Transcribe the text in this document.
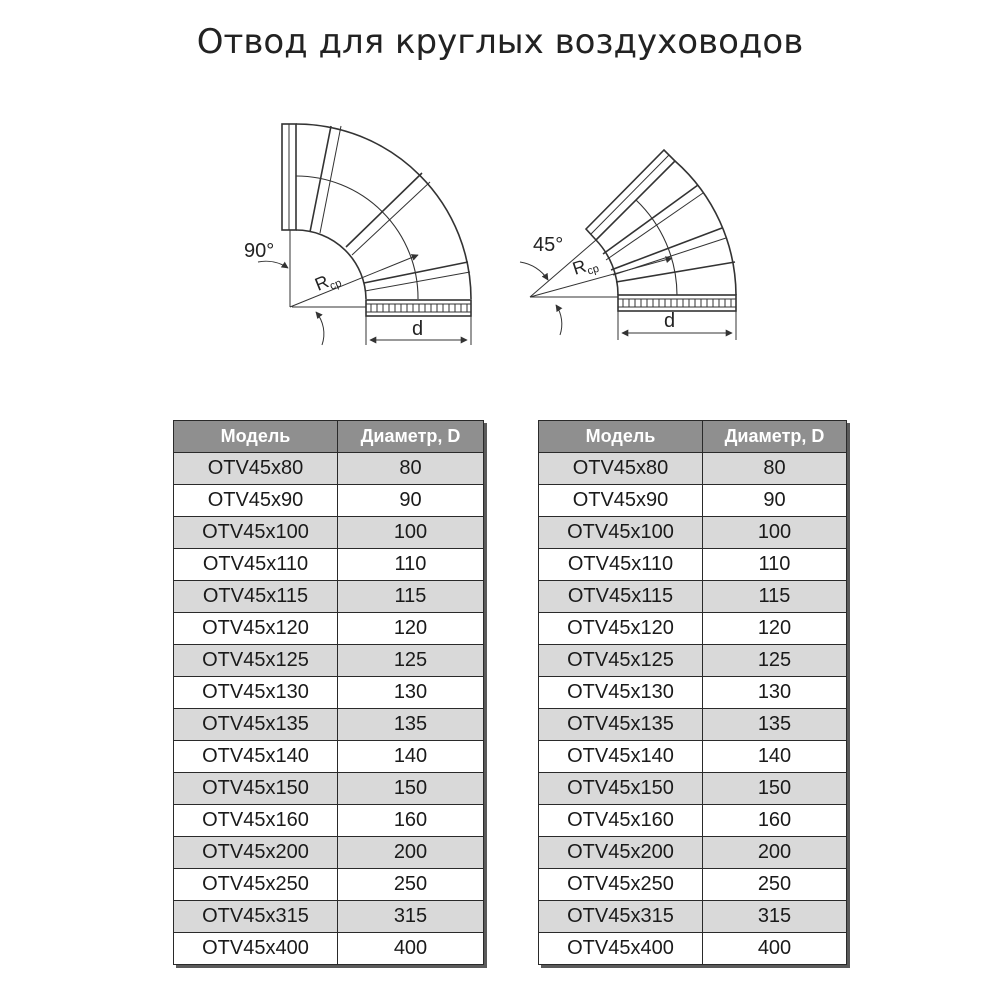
Отвод для круглых воздуховодов
90°
$R_{ср}$
d
45°
$R_{ср}$
d
Модель	Диаметр, D
OTV45x80	80
OTV45x90	90
OTV45x100	100
OTV45x110	110
OTV45x115	115
OTV45x120	120
OTV45x125	125
OTV45x130	130
OTV45x135	135
OTV45x140	140
OTV45x150	150
OTV45x160	160
OTV45x200	200
OTV45x250	250
OTV45x315	315
OTV45x400	400
Модель	Диаметр, D
OTV45x80	80
OTV45x90	90
OTV45x100	100
OTV45x110	110
OTV45x115	115
OTV45x120	120
OTV45x125	125
OTV45x130	130
OTV45x135	135
OTV45x140	140
OTV45x150	150
OTV45x160	160
OTV45x200	200
OTV45x250	250
OTV45x315	315
OTV45x400	400
